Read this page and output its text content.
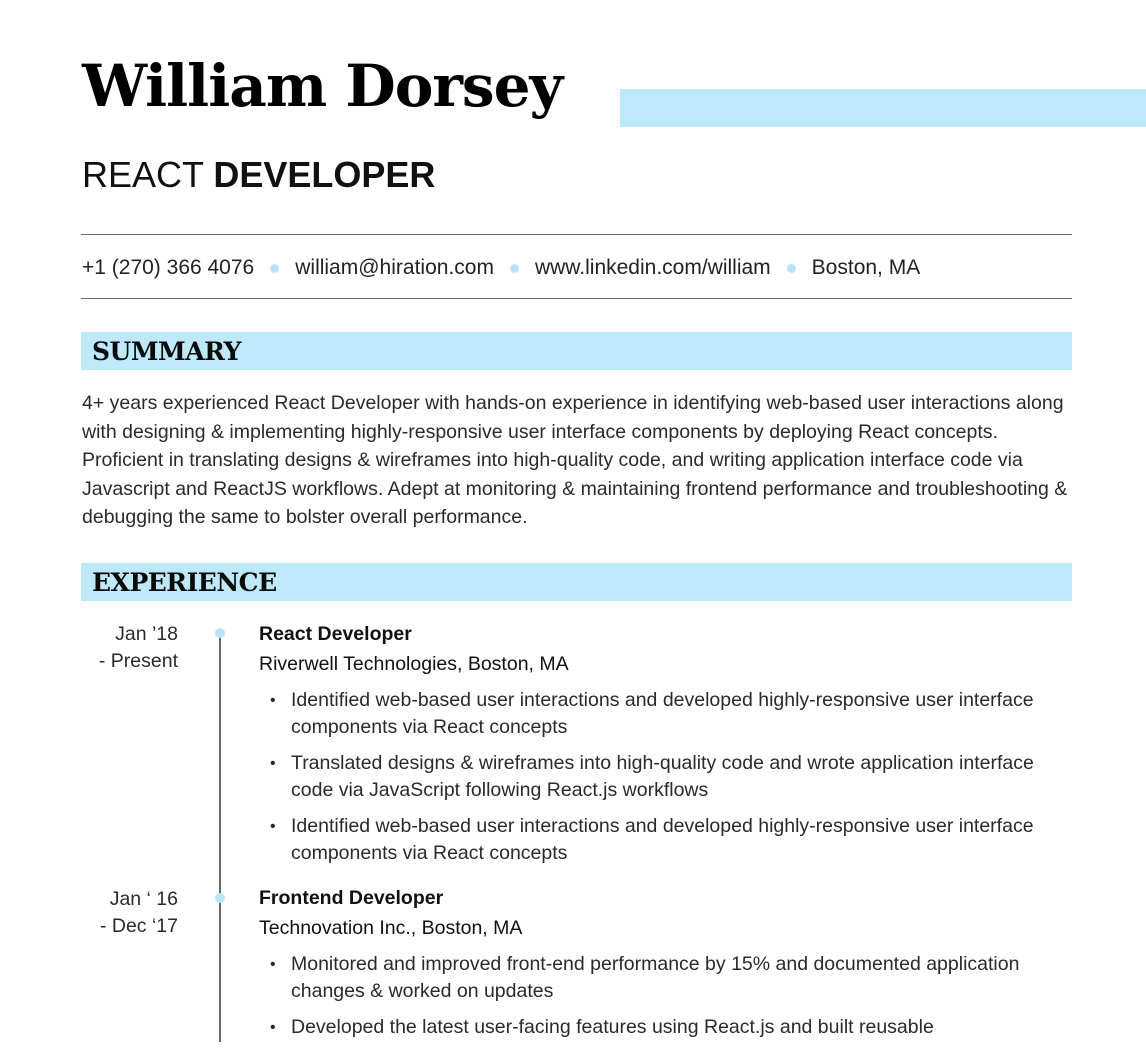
William Dorsey
REACT DEVELOPER
+1 (270) 366 4076 william@hiration.com www.linkedin.com/william Boston, MA
SUMMARY
4+ years experienced React Developer with hands-on experience in identifying web-based user interactions along with designing & implementing highly-responsive user interface components by deploying React concepts. Proficient in translating designs & wireframes into high-quality code, and writing application interface code via Javascript and ReactJS workflows. Adept at monitoring & maintaining frontend performance and troubleshooting & debugging the same to bolster overall performance.
EXPERIENCE
Jan ’18
- Present
React Developer
Riverwell Technologies, Boston, MA
• Identified web-based user interactions and developed highly-responsive user interface components via React concepts
• Translated designs & wireframes into high-quality code and wrote application interface code via JavaScript following React.js workflows
• Identified web-based user interactions and developed highly-responsive user interface components via React concepts
Jan ‘ 16
- Dec ‘17
Frontend Developer
Technovation Inc., Boston, MA
• Monitored and improved front-end performance by 15% and documented application changes & worked on updates
• Developed the latest user-facing features using React.js and built reusable
